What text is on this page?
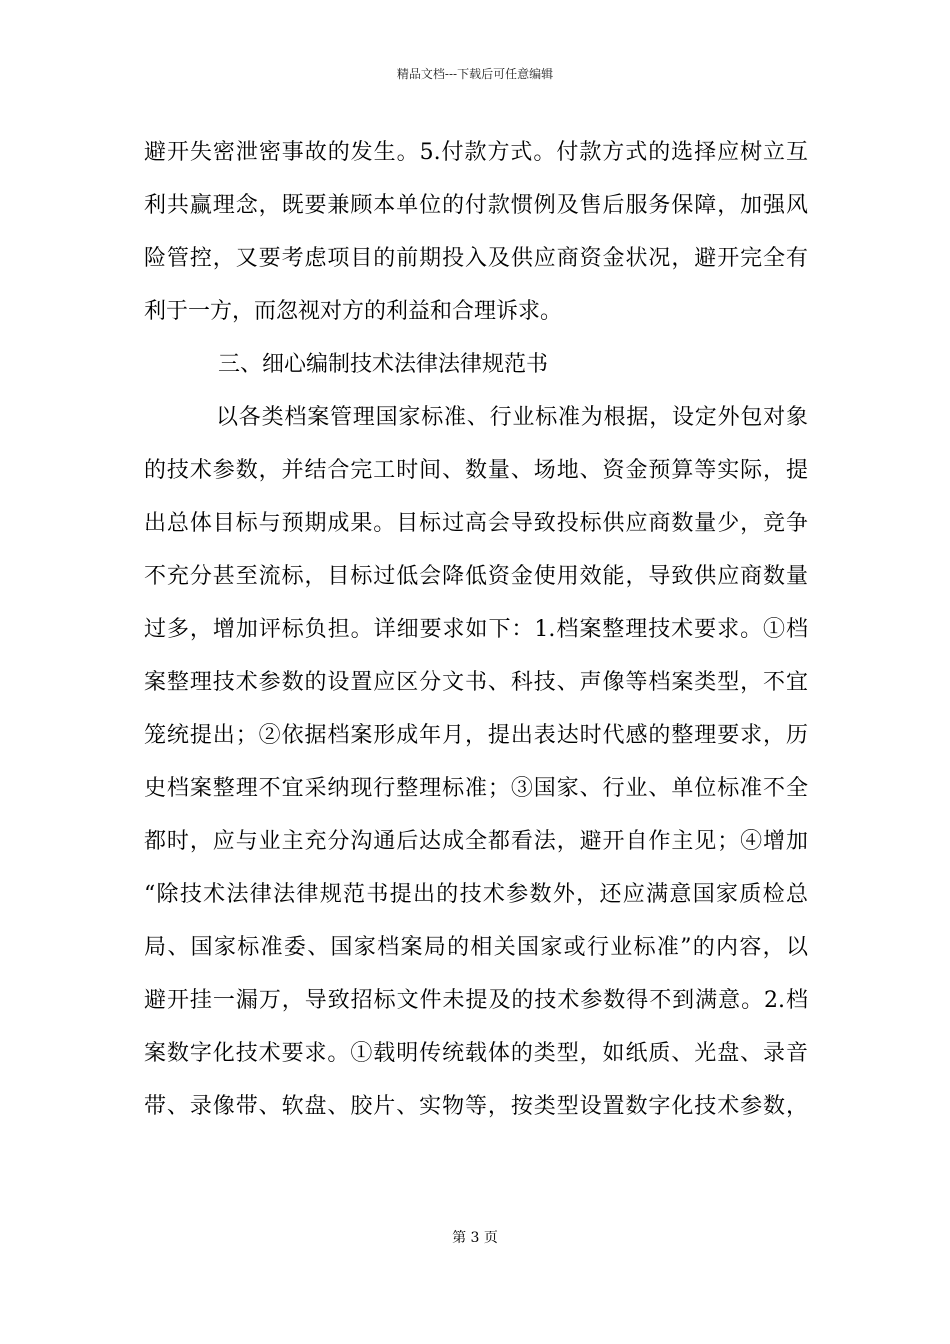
精品文档---下载后可任意编辑
避开失密泄密事故的发生。5.付款方式。付款方式的选择应树立互
利共赢理念，既要兼顾本单位的付款惯例及售后服务保障，加强风
险管控，又要考虑项目的前期投入及供应商资金状况，避开完全有
利于一方，而忽视对方的利益和合理诉求。
三、细心编制技术法律法律规范书
以各类档案管理国家标准、行业标准为根据，设定外包对象
的技术参数，并结合完工时间、数量、场地、资金预算等实际，提
出总体目标与预期成果。目标过高会导致投标供应商数量少，竞争
不充分甚至流标，目标过低会降低资金使用效能，导致供应商数量
过多，增加评标负担。详细要求如下：1.档案整理技术要求。①档
案整理技术参数的设置应区分文书、科技、声像等档案类型，不宜
笼统提出；②依据档案形成年月，提出表达时代感的整理要求，历
史档案整理不宜采纳现行整理标准；③国家、行业、单位标准不全
都时，应与业主充分沟通后达成全都看法，避开自作主见；④增加
“除技术法律法律规范书提出的技术参数外，还应满意国家质检总
局、国家标准委、国家档案局的相关国家或行业标准”的内容，以
避开挂一漏万，导致招标文件未提及的技术参数得不到满意。2.档
案数字化技术要求。①载明传统载体的类型，如纸质、光盘、录音
带、录像带、软盘、胶片、实物等，按类型设置数字化技术参数，
第 3 页
